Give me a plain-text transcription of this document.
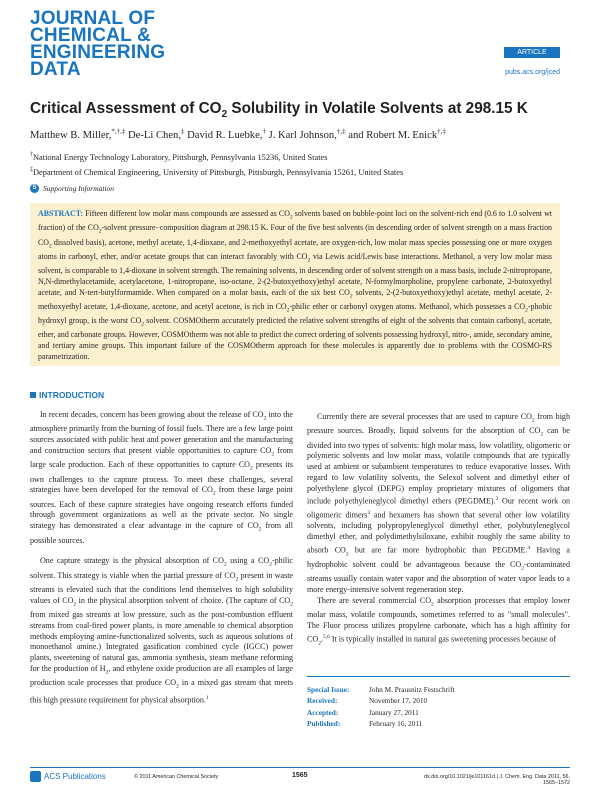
JOURNAL OF
CHEMICAL &
ENGINEERING
DATA
ARTICLE
pubs.acs.org/jced
Critical Assessment of $CO_2$ Solubility in Volatile Solvents at 298.15 K
Matthew B. Miller,*,†,‡ De-Li Chen,‡ David R. Luebke,† J. Karl Johnson,†,‡ and Robert M. Enick†,‡
†National Energy Technology Laboratory, Pittsburgh, Pennsylvania 15236, United States
‡Department of Chemical Engineering, University of Pittsburgh, Pittsburgh, Pennsylvania 15261, United States
S Supporting Information
ABSTRACT: Fifteen different low molar mass compounds are assessed as $CO_2$ solvents based on bubble-point loci on the solvent-rich end (0.6 to 1.0 solvent wt fraction) of the $CO_2$-solvent pressure−composition diagram at 298.15 K. Four of the five best solvents (in descending order of solvent strength on a mass fraction $CO_2$ dissolved basis), acetone, methyl acetate, 1,4-dioxane, and 2-methoxyethyl acetate, are oxygen-rich, low molar mass species possessing one or more oxygen atoms in carbonyl, ether, and/or acetate groups that can interact favorably with $CO_2$ via Lewis acid/Lewis base interactions. Methanol, a very low molar mass solvent, is comparable to 1,4-dioxane in solvent strength. The remaining solvents, in descending order of solvent strength on a mass basis, include 2-nitropropane, N,N-dimethylacetamide, acetylacetone, 1-nitropropane, iso-octane, 2-(2-butoxyethoxy)ethyl acetate, N-formylmorpholine, propylene carbonate, 2-butoxyethyl acetate, and N-tert-butylformamide. When compared on a molar basis, each of the six best $CO_2$ solvents, 2-(2-butoxyethoxy)ethyl acetate, methyl acetate, 2-methoxyethyl acetate, 1,4-dioxane, acetone, and acetyl acetone, is rich in $CO_2$-philic ether or carbonyl oxygen atoms. Methanol, which possesses a $CO_2$-phobic hydroxyl group, is the worst $CO_2$ solvent. COSMOtherm accurately predicted the relative solvent strengths of eight of the solvents that contain carbonyl, acetate, ether, and carbonate groups. However, COSMOtherm was not able to predict the correct ordering of solvents possessing hydroxyl, nitro-, amide, secondary amine, and tertiary amine groups. This important failure of the COSMOtherm approach for these molecules is apparently due to problems with the COSMO-RS parametrization.
INTRODUCTION

In recent decades, concern has been growing about the release of $CO_2$ into the atmosphere primarily from the burning of fossil fuels. There are a few large point sources associated with public heat and power generation and the manufacturing and construction sectors that present viable opportunities to capture $CO_2$ from large scale production. Each of these opportunities to capture $CO_2$ presents its own challenges to the capture process. To meet these challenges, several strategies have been developed for the removal of $CO_2$ from these large point sources. Each of these capture strategies have ongoing research efforts funded through government organizations as well as the private sector. No single strategy has demonstrated a clear advantage in the capture of $CO_2$ from all possible sources.

One capture strategy is the physical absorption of $CO_2$ using a $CO_2$-philic solvent. This strategy is viable when the partial pressure of $CO_2$ present in waste streams is elevated such that the conditions lend themselves to high solubility values of $CO_2$ in the physical absorption solvent of choice. (The capture of $CO_2$ from mixed gas streams at low pressure, such as the post-combustion effluent streams from coal-fired power plants, is more amenable to chemical absorption methods employing amine-functionalized solvents, such as aqueous solutions of monoethanol amine.) Integrated gasification combined cycle (IGCC) power plants, sweetening of natural gas, ammonia synthesis, steam methane reforming for the production of $H_2$, and ethylene oxide production are all examples of large production scale processes that produce $CO_2$ in a mixed gas stream that meets this high pressure requirement for physical absorption.$^1$

Currently there are several processes that are used to capture $CO_2$ from high pressure sources. Broadly, liquid solvents for the absorption of $CO_2$ can be divided into two types of solvents: high molar mass, low volatility, oligomeric or polymeric solvents and low molar mass, volatile compounds that are typically used at ambient or subambient temperatures to reduce evaporative losses. With regard to low volatility solvents, the Selexol solvent and dimethyl ether of polyethylene glycol (DEPG) employ proprietary mixtures of oligomers that include polyethyleneglycol dimethyl ethers (PEGDME).$^2$ Our recent work on oligomeric dimers$^3$ and hexamers has shown that several other low volatility solvents, including polypropyleneglycol dimethyl ether, polybutyleneglycol dimethyl ether, and polydimethylsiloxane, exhibit roughly the same ability to absorb $CO_2$ but are far more hydrophobic than PEGDME.$^4$ Having a hydrophobic solvent could be advantageous because the $CO_2$-contaminated streams usually contain water vapor and the absorption of water vapor leads to a more energy-intensive solvent regeneration step.

There are several commercial $CO_2$ absorption processes that employ lower molar mass, volatile compounds, sometimes referred to as "small molecules". The Fluor process utilizes propylene carbonate, which has a high affinity for $CO_2.^{5,6}$ It is typically installed in natural gas sweetening processes because of

Special Issue:	John M. Prausnitz Festschrift
Received:	November 17, 2010
Accepted:	January 27, 2011
Published:	February 16, 2011
ACS Publications	© 2011 American Chemical Society	1565	dx.doi.org/10.1021/je101161d | J. Chem. Eng. Data 2011, 56, 1565–1572
